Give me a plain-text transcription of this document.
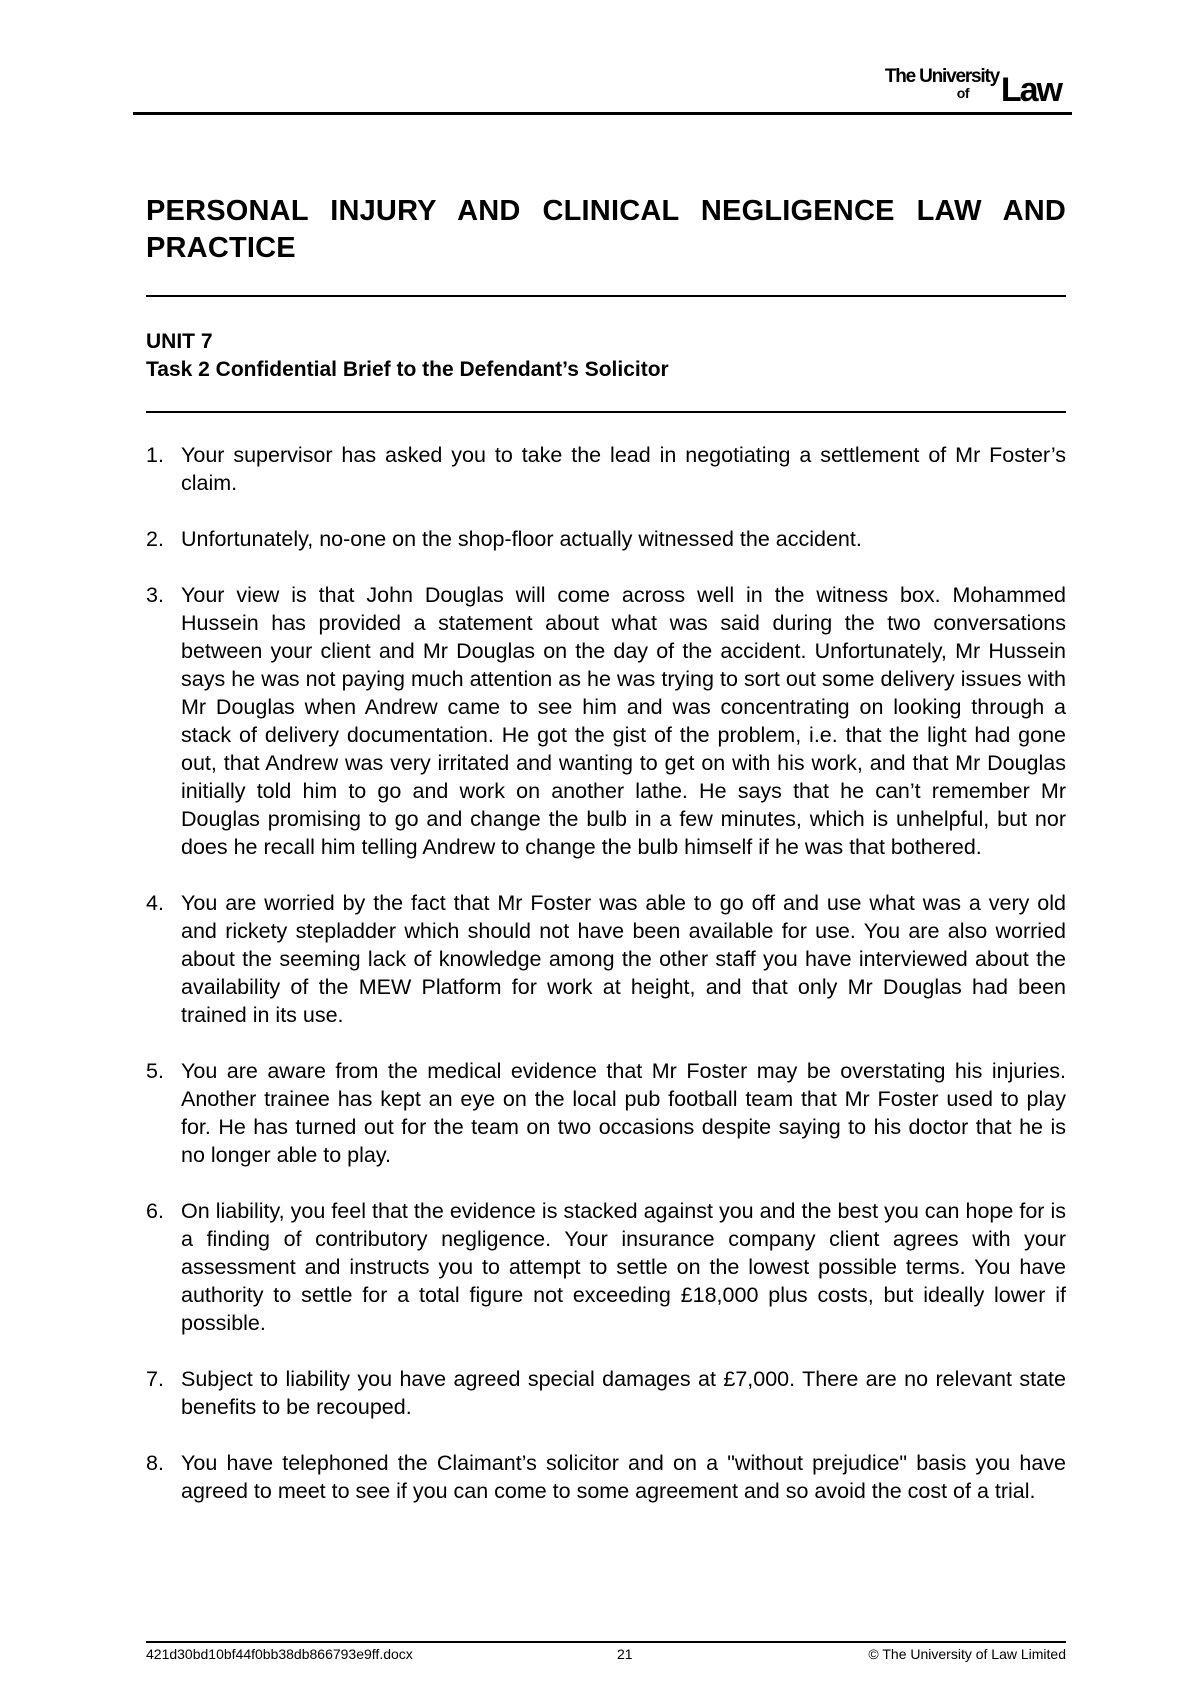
The University
of Law
PERSONAL INJURY AND CLINICAL NEGLIGENCE LAW AND PRACTICE

UNIT 7

Task 2 Confidential Brief to the Defendant’s Solicitor

1. Your supervisor has asked you to take the lead in negotiating a settlement of Mr Foster’s claim.
2. Unfortunately, no-one on the shop-floor actually witnessed the accident.
3. Your view is that John Douglas will come across well in the witness box. Mohammed Hussein has provided a statement about what was said during the two conversations between your client and Mr Douglas on the day of the accident. Unfortunately, Mr Hussein says he was not paying much attention as he was trying to sort out some delivery issues with Mr Douglas when Andrew came to see him and was concentrating on looking through a stack of delivery documentation. He got the gist of the problem, i.e. that the light had gone out, that Andrew was very irritated and wanting to get on with his work, and that Mr Douglas initially told him to go and work on another lathe. He says that he can’t remember Mr Douglas promising to go and change the bulb in a few minutes, which is unhelpful, but nor does he recall him telling Andrew to change the bulb himself if he was that bothered.
4. You are worried by the fact that Mr Foster was able to go off and use what was a very old and rickety stepladder which should not have been available for use. You are also worried about the seeming lack of knowledge among the other staff you have interviewed about the availability of the MEW Platform for work at height, and that only Mr Douglas had been trained in its use.
5. You are aware from the medical evidence that Mr Foster may be overstating his injuries. Another trainee has kept an eye on the local pub football team that Mr Foster used to play for. He has turned out for the team on two occasions despite saying to his doctor that he is no longer able to play.
6. On liability, you feel that the evidence is stacked against you and the best you can hope for is a finding of contributory negligence. Your insurance company client agrees with your assessment and instructs you to attempt to settle on the lowest possible terms. You have authority to settle for a total figure not exceeding £18,000 plus costs, but ideally lower if possible.
7. Subject to liability you have agreed special damages at £7,000. There are no relevant state benefits to be recouped.
8. You have telephoned the Claimant’s solicitor and on a "without prejudice" basis you have agreed to meet to see if you can come to some agreement and so avoid the cost of a trial.
421d30bd10bf44f0bb38db866793e9ff.docx	21	© The University of Law Limited
